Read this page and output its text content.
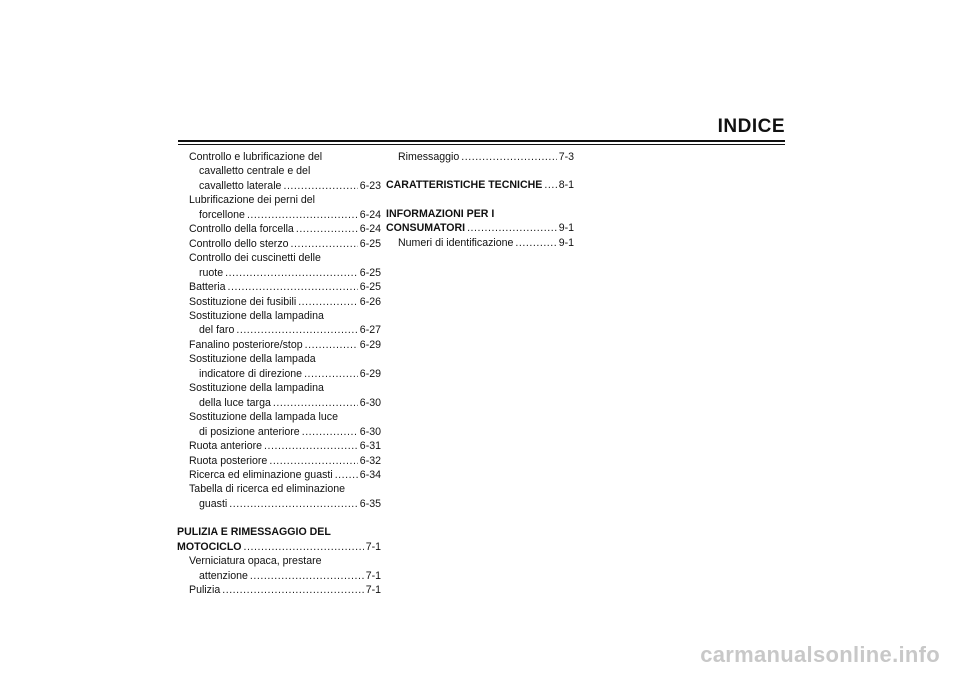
INDICE
Controllo e lubrificazione del
cavalletto centrale e del
cavalletto laterale . . .	6-23
Lubrificazione dei perni del
forcellone . . .	6-24
Controllo della forcella . . .	6-24
Controllo dello sterzo . . .	6-25
Controllo dei cuscinetti delle
ruote . . .	6-25
Batteria . . .	6-25
Sostituzione dei fusibili . . .	6-26
Sostituzione della lampadina
del faro . . .	6-27
Fanalino posteriore/stop . . .	6-29
Sostituzione della lampada
indicatore di direzione . . .	6-29
Sostituzione della lampadina
della luce targa . . .	6-30
Sostituzione della lampada luce
di posizione anteriore . . .	6-30
Ruota anteriore . . .	6-31
Ruota posteriore . . .	6-32
Ricerca ed eliminazione guasti . . .	6-34
Tabella di ricerca ed eliminazione
guasti . . .	6-35
PULIZIA E RIMESSAGGIO DEL
MOTOCICLO . . .	7-1
Verniciatura opaca, prestare
attenzione . . .	7-1
Pulizia . . .	7-1
Rimessaggio . . .	7-3
CARATTERISTICHE TECNICHE . . . 8-1
INFORMAZIONI PER I
CONSUMATORI . . .	9-1
Numeri di identificazione . . .	9-1
carmanualsonline.info
